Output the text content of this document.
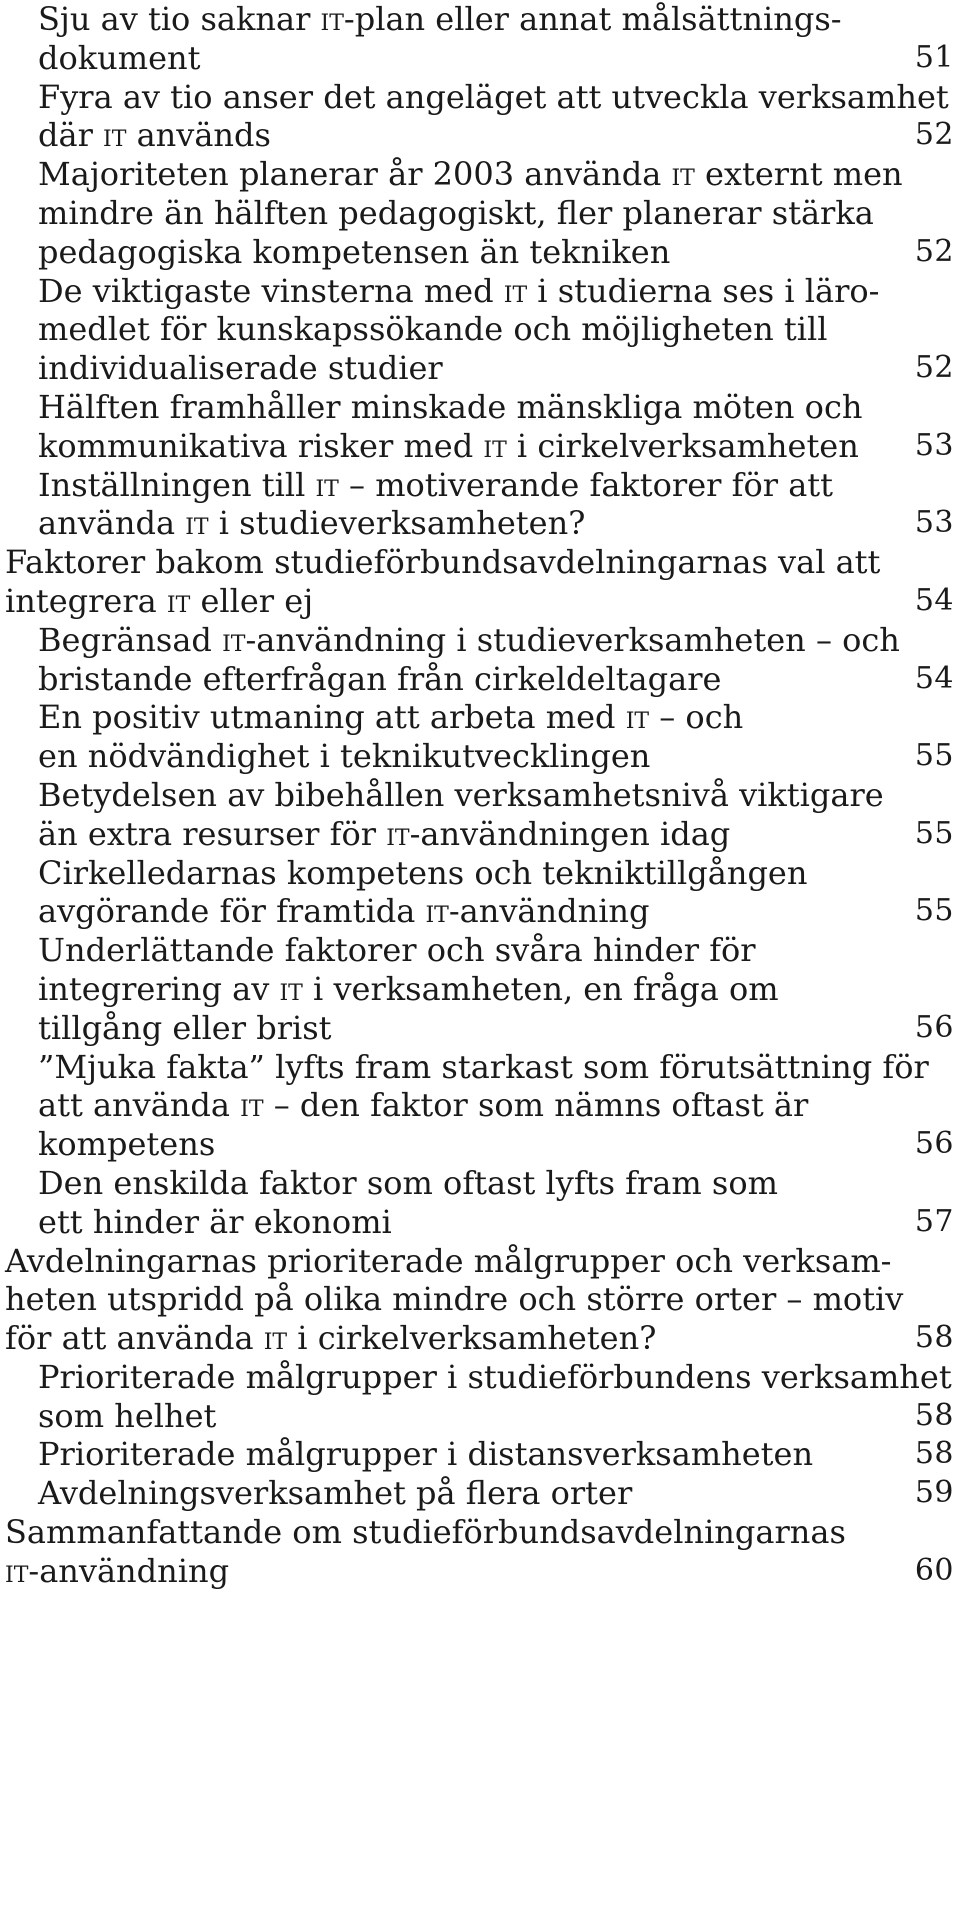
Sju av tio saknar it-plan eller annat målsättnings-
dokument	51
Fyra av tio anser det angeläget att utveckla verksamhet
där it används	52
Majoriteten planerar år 2003 använda it externt men
mindre än hälften pedagogiskt, fler planerar stärka
pedagogiska kompetensen än tekniken	52
De viktigaste vinsterna med it i studierna ses i läro-
medlet för kunskapssökande och möjligheten till
individualiserade studier	52
Hälften framhåller minskade mänskliga möten och
kommunikativa risker med it i cirkelverksamheten	53
Inställningen till it – motiverande faktorer för att
använda it i studieverksamheten?	53
Faktorer bakom studieförbundsavdelningarnas val att
integrera it eller ej	54
Begränsad it-användning i studieverksamheten – och
bristande efterfrågan från cirkeldeltagare	54
En positiv utmaning att arbeta med it – och
en nödvändighet i teknikutvecklingen	55
Betydelsen av bibehållen verksamhetsnivå viktigare
än extra resurser för it-användningen idag	55
Cirkelledarnas kompetens och tekniktillgången
avgörande för framtida it-användning	55
Underlättande faktorer och svåra hinder för
integrering av it i verksamheten, en fråga om
tillgång eller brist	56
”Mjuka fakta” lyfts fram starkast som förutsättning för
att använda it – den faktor som nämns oftast är
kompetens	56
Den enskilda faktor som oftast lyfts fram som
ett hinder är ekonomi	57
Avdelningarnas prioriterade målgrupper och verksam-
heten utspridd på olika mindre och större orter – motiv
för att använda it i cirkelverksamheten?	58
Prioriterade målgrupper i studieförbundens verksamhet
som helhet	58
Prioriterade målgrupper i distansverksamheten	58
Avdelningsverksamhet på flera orter	59
Sammanfattande om studieförbundsavdelningarnas
it-användning	60
